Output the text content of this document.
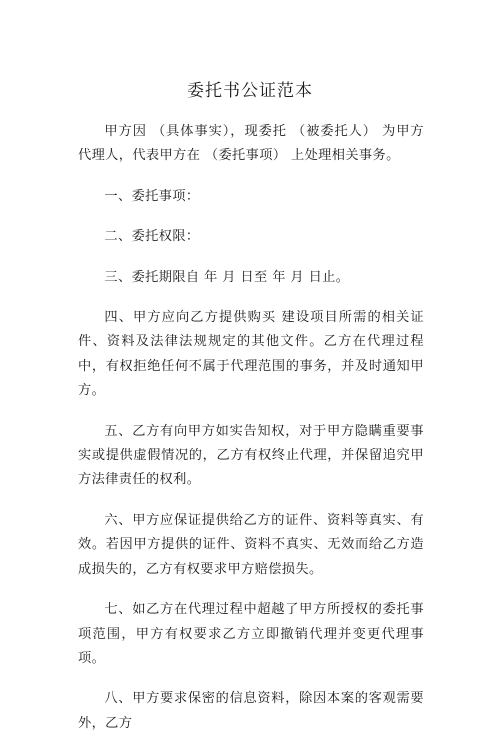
委托书公证范本

甲方因 （具体事实），现委托 （被委托人） 为甲方代理人，代表甲方在 （委托事项） 上处理相关事务。

一、委托事项：

二、委托权限：

三、委托期限自 年 月 日至 年 月 日止。

四、甲方应向乙方提供购买 建设项目所需的相关证件、资料及法律法规规定的其他文件。乙方在代理过程中，有权拒绝任何不属于代理范围的事务，并及时通知甲方。

五、乙方有向甲方如实告知权，对于甲方隐瞒重要事实或提供虚假情况的，乙方有权终止代理，并保留追究甲方法律责任的权利。

六、甲方应保证提供给乙方的证件、资料等真实、有效。若因甲方提供的证件、资料不真实、无效而给乙方造成损失的，乙方有权要求甲方赔偿损失。

七、如乙方在代理过程中超越了甲方所授权的委托事项范围，甲方有权要求乙方立即撤销代理并变更代理事项。

八、甲方要求保密的信息资料，除因本案的客观需要外，乙方
